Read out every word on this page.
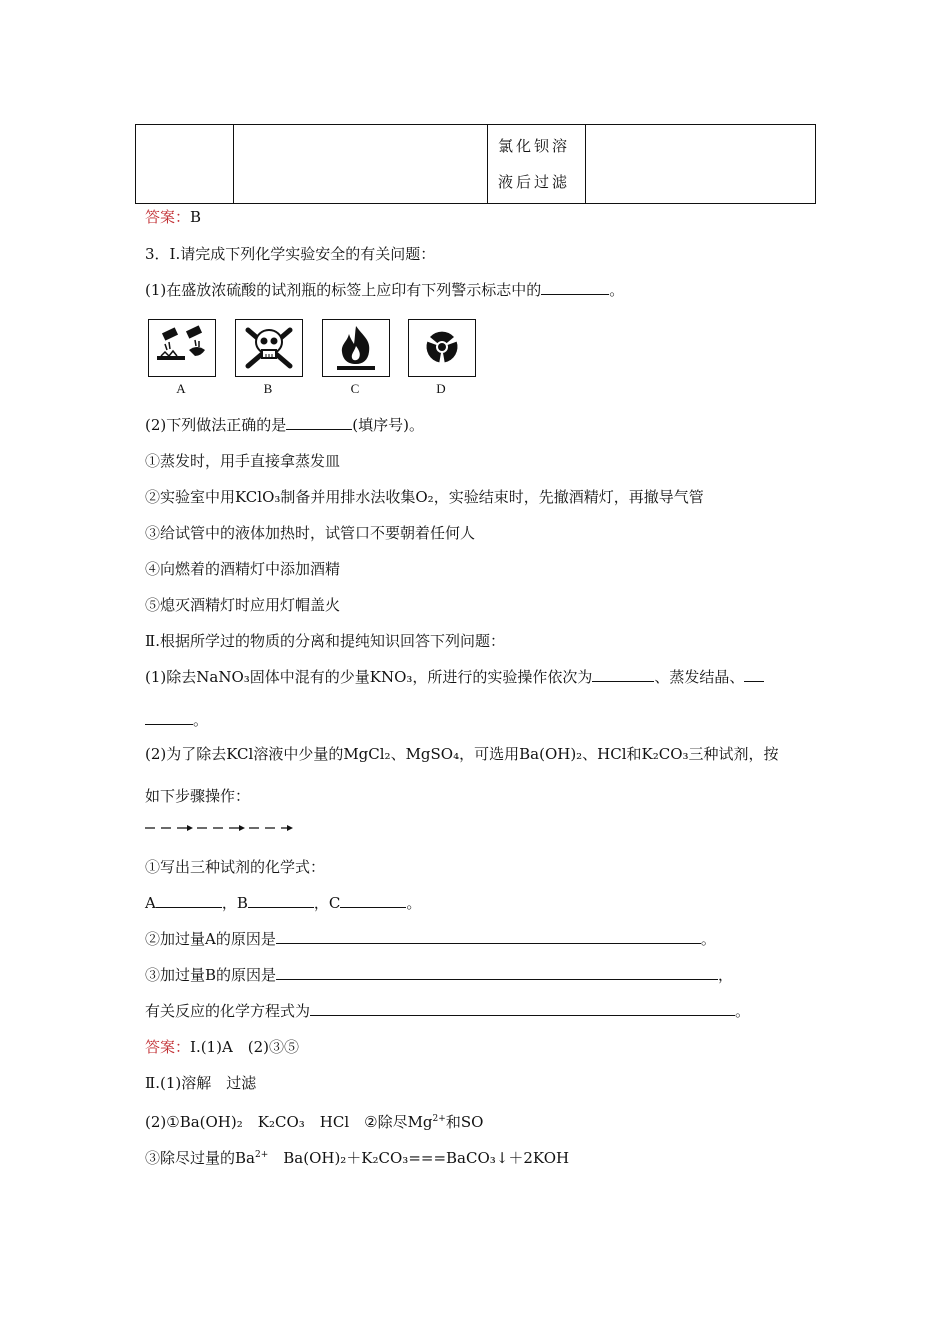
氯化钡溶
液后过滤

答案：B
3．Ⅰ.请完成下列化学实验安全的有关问题：
(1)在盛放浓硫酸的试剂瓶的标签上应印有下列警示标志中的	。
A	B	C	D
(2)下列做法正确的是	(填序号)。
①蒸发时，用手直接拿蒸发皿
②实验室中用KClO₃制备并用排水法收集O₂，实验结束时，先撤酒精灯，再撤导气管
③给试管中的液体加热时，试管口不要朝着任何人
④向燃着的酒精灯中添加酒精
⑤熄灭酒精灯时应用灯帽盖火
Ⅱ.根据所学过的物质的分离和提纯知识回答下列问题：
(1)除去NaNO₃固体中混有的少量KNO₃，所进行的实验操作依次为	、蒸发结晶、
。
(2)为了除去KCl溶液中少量的MgCl₂、MgSO₄，可选用Ba(OH)₂、HCl和K₂CO₃三种试剂，按
如下步骤操作：
①写出三种试剂的化学式：
A	，B	，C	。
②加过量A的原因是	。
③加过量B的原因是	，
有关反应的化学方程式为	。
答案：Ⅰ.(1)A　(2)③⑤
Ⅱ.(1)溶解　过滤
(2)①Ba(OH)₂　K₂CO₃　HCl　②除尽$Mg^{2+}$和SO
③除尽过量的$Ba^{2+}$　Ba(OH)₂＋K₂CO₃===BaCO₃↓＋2KOH
